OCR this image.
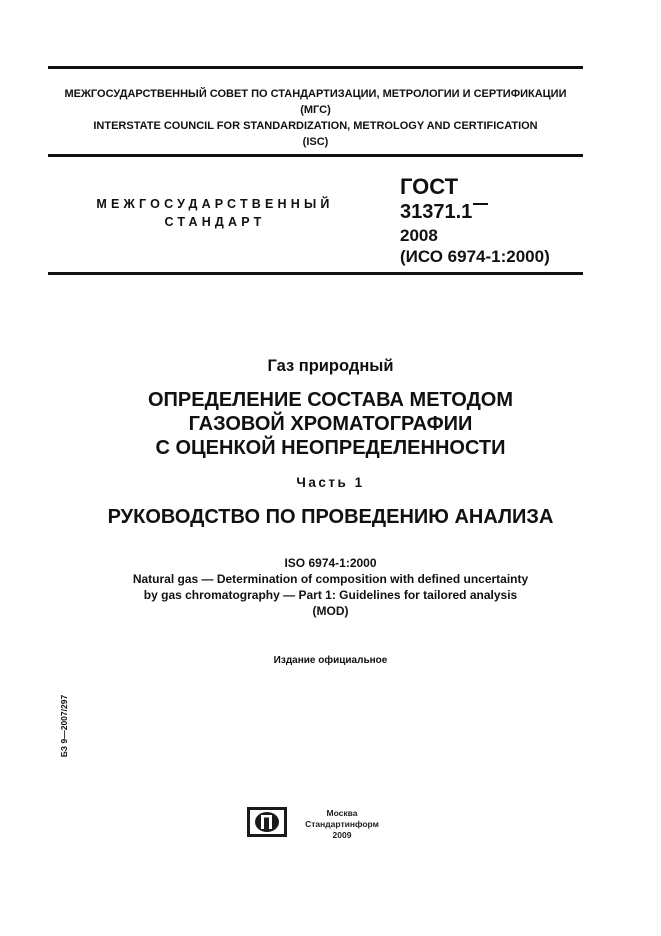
МЕЖГОСУДАРСТВЕННЫЙ СОВЕТ ПО СТАНДАРТИЗАЦИИ, МЕТРОЛОГИИ И СЕРТИФИКАЦИИ
(МГС)
INTERSTATE COUNCIL FOR STANDARDIZATION, METROLOGY AND CERTIFICATION
(ISC)
МЕЖГОСУДАРСТВЕННЫЙ
СТАНДАРТ
ГОСТ
31371.1
2008
(ИСО 6974-1:2000)
Газ природный
ОПРЕДЕЛЕНИЕ СОСТАВА МЕТОДОМ
ГАЗОВОЙ ХРОМАТОГРАФИИ
С ОЦЕНКОЙ НЕОПРЕДЕЛЕННОСТИ
Часть 1
РУКОВОДСТВО ПО ПРОВЕДЕНИЮ АНАЛИЗА
ISO 6974-1:2000
Natural gas — Determination of composition with defined uncertainty
by gas chromatography — Part 1: Guidelines for tailored analysis
(MOD)
Издание официальное
БЗ 9—2007/297
Москва
Стандартинформ
2009
